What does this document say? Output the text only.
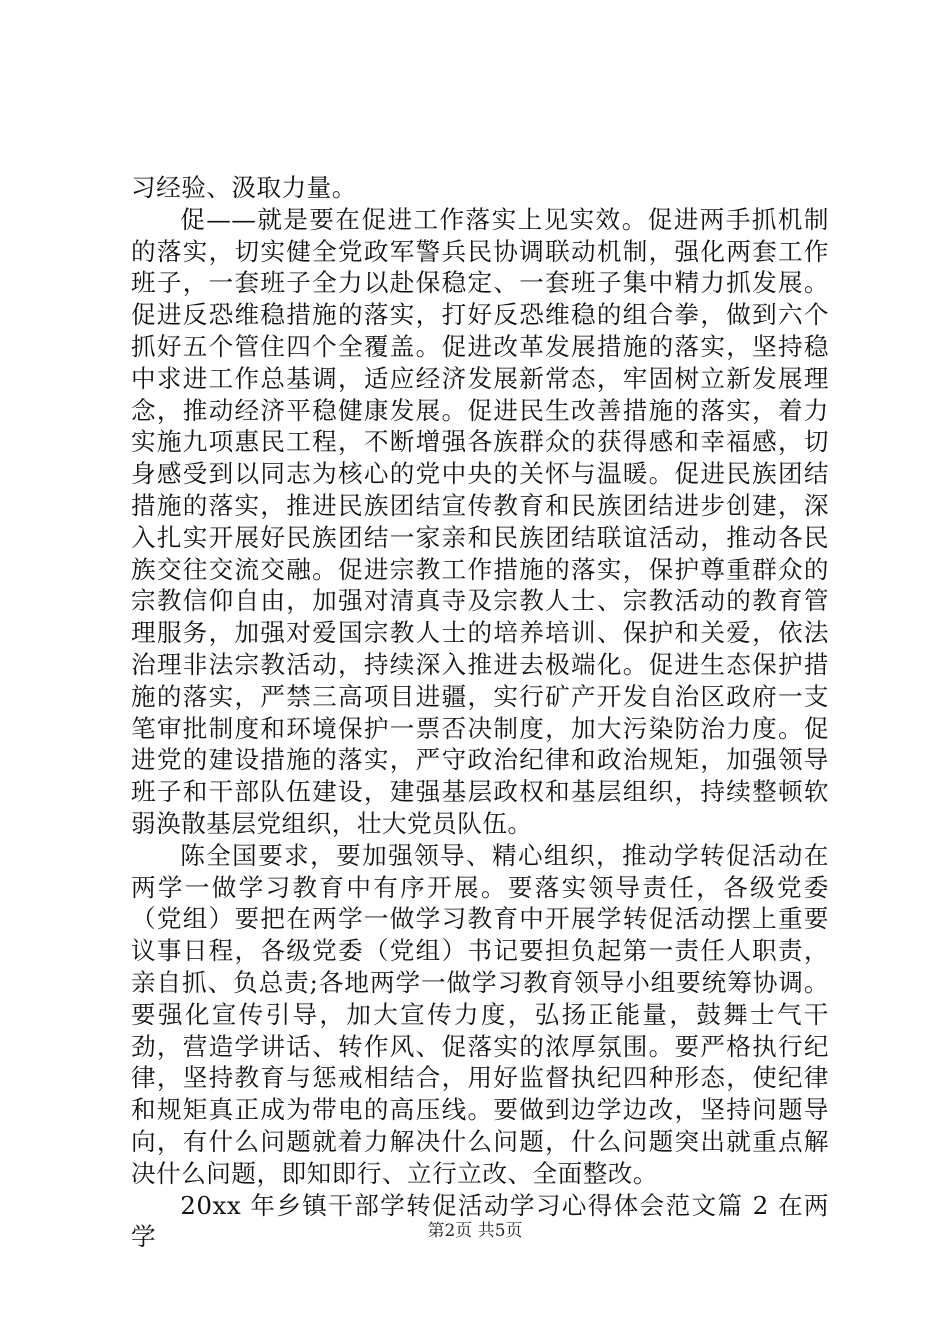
习经验、汲取力量。

促——就是要在促进工作落实上见实效。促进两手抓机制的落实，切实健全党政军警兵民协调联动机制，强化两套工作班子，一套班子全力以赴保稳定、一套班子集中精力抓发展。促进反恐维稳措施的落实，打好反恐维稳的组合拳，做到六个抓好五个管住四个全覆盖。促进改革发展措施的落实，坚持稳中求进工作总基调，适应经济发展新常态，牢固树立新发展理念，推动经济平稳健康发展。促进民生改善措施的落实，着力实施九项惠民工程，不断增强各族群众的获得感和幸福感，切身感受到以同志为核心的党中央的关怀与温暖。促进民族团结措施的落实，推进民族团结宣传教育和民族团结进步创建，深入扎实开展好民族团结一家亲和民族团结联谊活动，推动各民族交往交流交融。促进宗教工作措施的落实，保护尊重群众的宗教信仰自由，加强对清真寺及宗教人士、宗教活动的教育管理服务，加强对爱国宗教人士的培养培训、保护和关爱，依法治理非法宗教活动，持续深入推进去极端化。促进生态保护措施的落实，严禁三高项目进疆，实行矿产开发自治区政府一支笔审批制度和环境保护一票否决制度，加大污染防治力度。促进党的建设措施的落实，严守政治纪律和政治规矩，加强领导班子和干部队伍建设，建强基层政权和基层组织，持续整顿软弱涣散基层党组织，壮大党员队伍。

陈全国要求，要加强领导、精心组织，推动学转促活动在两学一做学习教育中有序开展。要落实领导责任，各级党委（党组）要把在两学一做学习教育中开展学转促活动摆上重要议事日程，各级党委（党组）书记要担负起第一责任人职责，亲自抓、负总责;各地两学一做学习教育领导小组要统筹协调。要强化宣传引导，加大宣传力度，弘扬正能量，鼓舞士气干劲，营造学讲话、转作风、促落实的浓厚氛围。要严格执行纪律，坚持教育与惩戒相结合，用好监督执纪四种形态，使纪律和规矩真正成为带电的高压线。要做到边学边改，坚持问题导向，有什么问题就着力解决什么问题，什么问题突出就重点解决什么问题，即知即行、立行立改、全面整改。

20xx 年乡镇干部学转促活动学习心得体会范文篇 2 在两学	第2页 共5页
